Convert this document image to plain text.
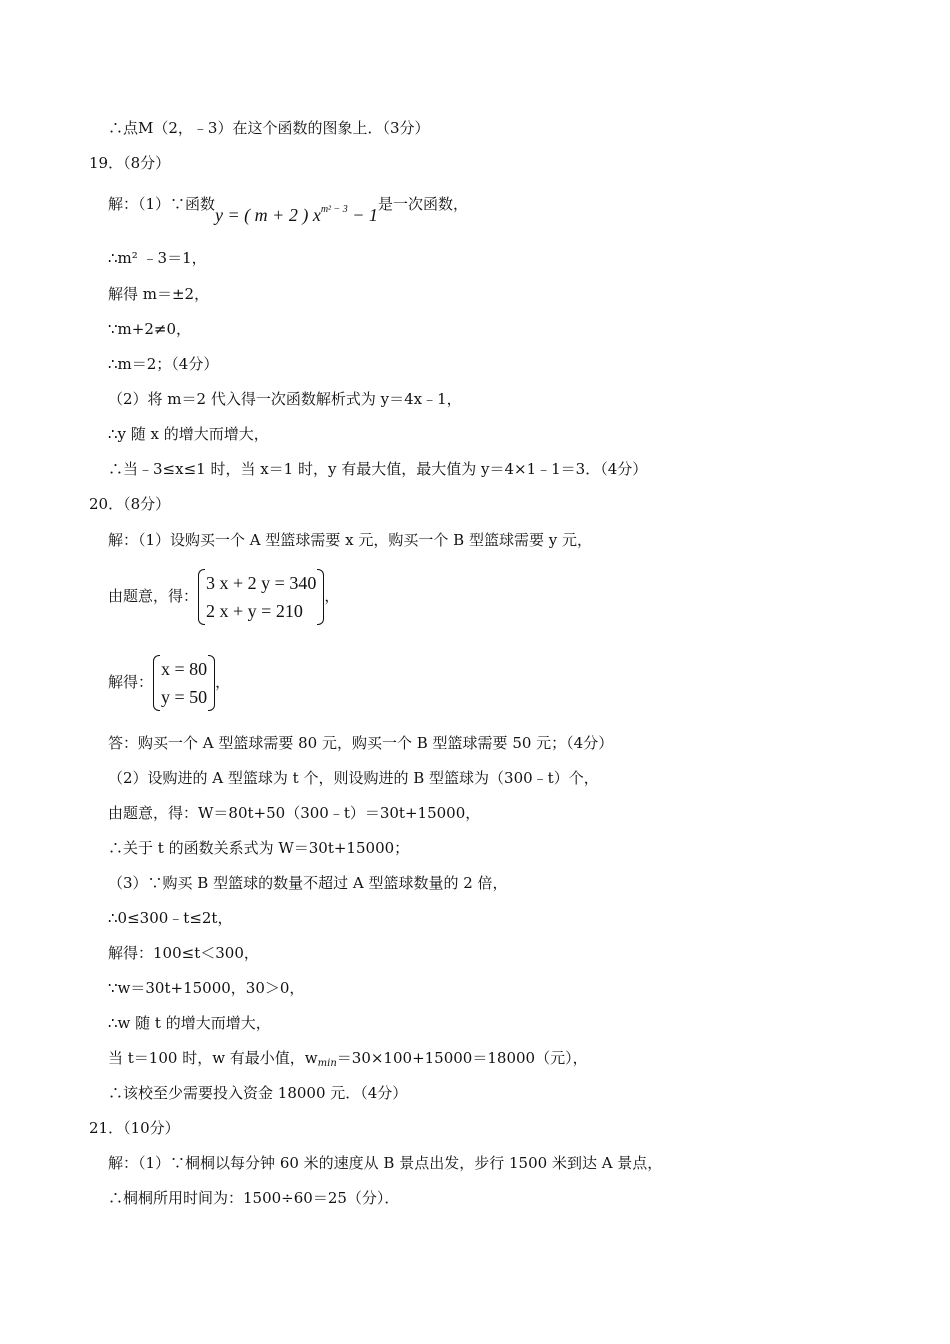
∴点M（2，﹣3）在这个函数的图象上．（3分）
19．（8分）
解：（1）∵函数y = ( m + 2 ) $x^{m^2 - 3} - 1$是一次函数，
∴m² ﹣3＝1，
解得 m＝±2，
∵m+2≠0，
∴m＝2；（4分）
（2）将 m＝2 代入得一次函数解析式为 y＝4x﹣1，
∴y 随 x 的增大而增大，
∴当﹣3≤x≤1 时，当 x＝1 时，y 有最大值，最大值为 y＝4×1﹣1＝3．（4分）
20．（8分）
解：（1）设购买一个 A 型篮球需要 x 元，购买一个 B 型篮球需要 y 元，
由题意，得：
3 x + 2 y = 340
2 x + y = 210
，
解得：
x = 80
y = 50
，
答：购买一个 A 型篮球需要 80 元，购买一个 B 型篮球需要 50 元；（4分）
（2）设购进的 A 型篮球为 t 个，则设购进的 B 型篮球为（300﹣t）个，
由题意，得：W＝80t+50（300﹣t）＝30t+15000，
∴关于 t 的函数关系式为 W＝30t+15000；
（3）∵购买 B 型篮球的数量不超过 A 型篮球数量的 2 倍，
∴0≤300﹣t≤2t，
解得：100≤t＜300，
∵w＝30t+15000，30＞0，
∴w 随 t 的增大而增大，
当 t＝100 时，w 有最小值，$w_{min}=30\times 100+15000=18000$（元），
∴该校至少需要投入资金 18000 元．（4分）
21．（10分）
解：（1）∵桐桐以每分钟 60 米的速度从 B 景点出发，步行 1500 米到达 A 景点，
∴桐桐所用时间为：1500÷60＝25（分）．
